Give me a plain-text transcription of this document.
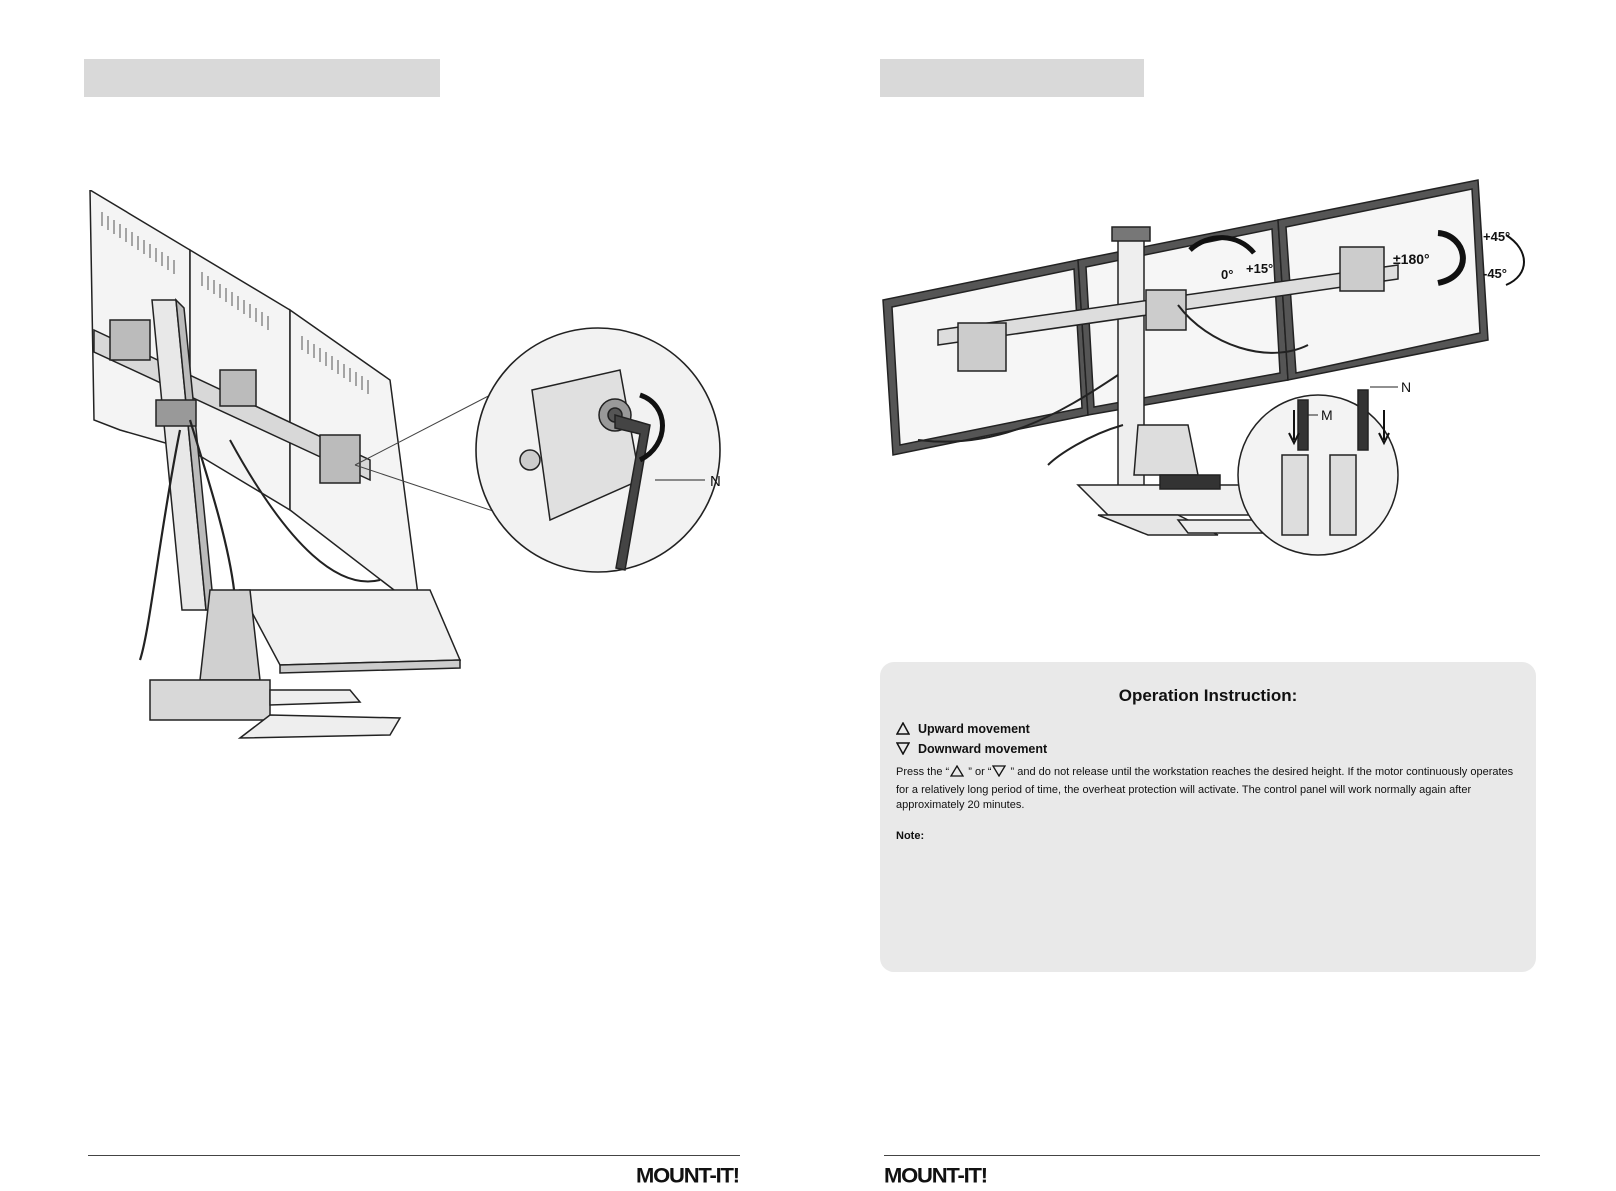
N
MOUNT-IT!
0° +15°
±180°
+45°
-45°
N
M
Operation Instruction:
Upward movement
Downward movement
Press the “ ” or “ ” and do not release until the workstation reaches the desired height. If the motor continuously operates for a relatively long period of time, the overheat protection will activate. The control panel will work normally again after approximately 20 minutes.
Note:
MOUNT-IT!
